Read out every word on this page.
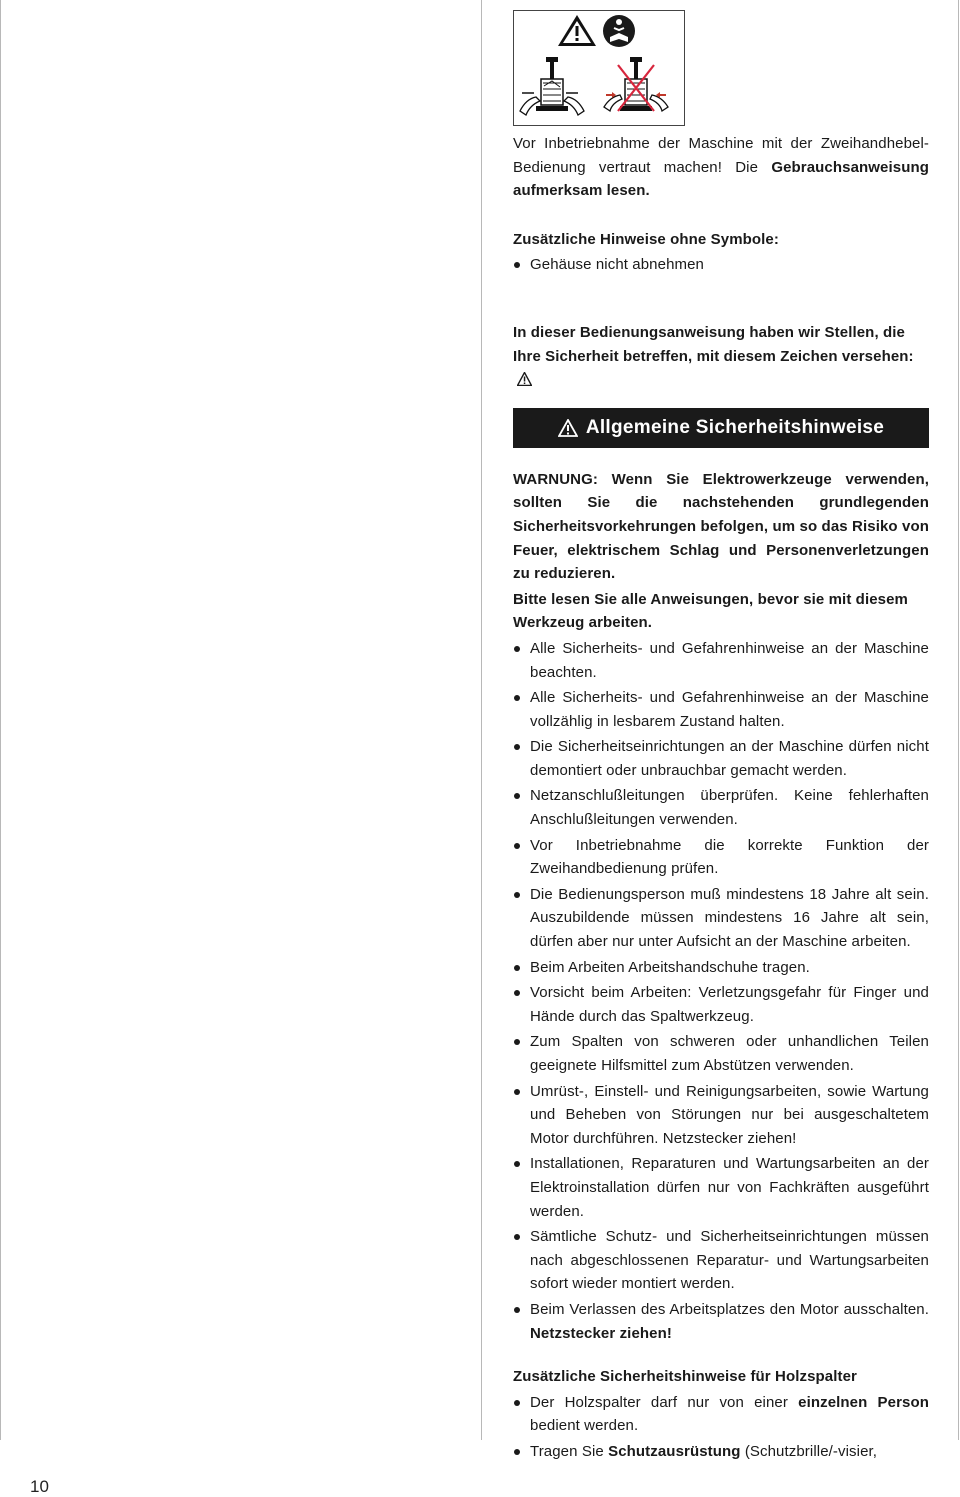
Vor Inbetriebnahme der Maschine mit der Zweihandhebel-Bedienung vertraut machen! Die Gebrauchsanweisung aufmerksam lesen.

Zusätzliche Hinweise ohne Symbole:

Gehäuse nicht abnehmen

In dieser Bedienungsanweisung haben wir Stellen, die Ihre Sicherheit betreffen, mit diesem Zeichen versehen:

Allgemeine Sicherheitshinweise

WARNUNG: Wenn Sie Elektrowerkzeuge verwenden, sollten Sie die nachstehenden grundlegenden Sicherheitsvorkehrungen befolgen, um so das Risiko von Feuer, elektrischem Schlag und Personenverletzungen zu reduzieren.

Bitte lesen Sie alle Anweisungen, bevor sie mit diesem Werkzeug arbeiten.

Alle Sicherheits- und Gefahrenhinweise an der Maschine beachten.
Alle Sicherheits- und Gefahrenhinweise an der Maschine vollzählig in lesbarem Zustand halten.
Die Sicherheitseinrichtungen an der Maschine dürfen nicht demontiert oder unbrauchbar gemacht werden.
Netzanschlußleitungen überprüfen. Keine fehlerhaften Anschlußleitungen verwenden.
Vor Inbetriebnahme die korrekte Funktion der Zweihandbedienung prüfen.
Die Bedienungsperson muß mindestens 18 Jahre alt sein. Auszubildende müssen mindestens 16 Jahre alt sein, dürfen aber nur unter Aufsicht an der Maschine arbeiten.
Beim Arbeiten Arbeitshandschuhe tragen.
Vorsicht beim Arbeiten: Verletzungsgefahr für Finger und Hände durch das Spaltwerkzeug.
Zum Spalten von schweren oder unhandlichen Teilen geeignete Hilfsmittel zum Abstützen verwenden.
Umrüst-, Einstell- und Reinigungsarbeiten, sowie Wartung und Beheben von Störungen nur bei ausgeschaltetem Motor durchführen. Netzstecker ziehen!
Installationen, Reparaturen und Wartungsarbeiten an der Elektroinstallation dürfen nur von Fachkräften ausgeführt werden.
Sämtliche Schutz- und Sicherheitseinrichtungen müssen nach abgeschlossenen Reparatur- und Wartungsarbeiten sofort wieder montiert werden.
Beim Verlassen des Arbeitsplatzes den Motor ausschalten. Netzstecker ziehen!

Zusätzliche Sicherheitshinweise für Holzspalter

Der Holzspalter darf nur von einer einzelnen Person bedient werden.
Tragen Sie Schutzausrüstung (Schutzbrille/-visier,
10
